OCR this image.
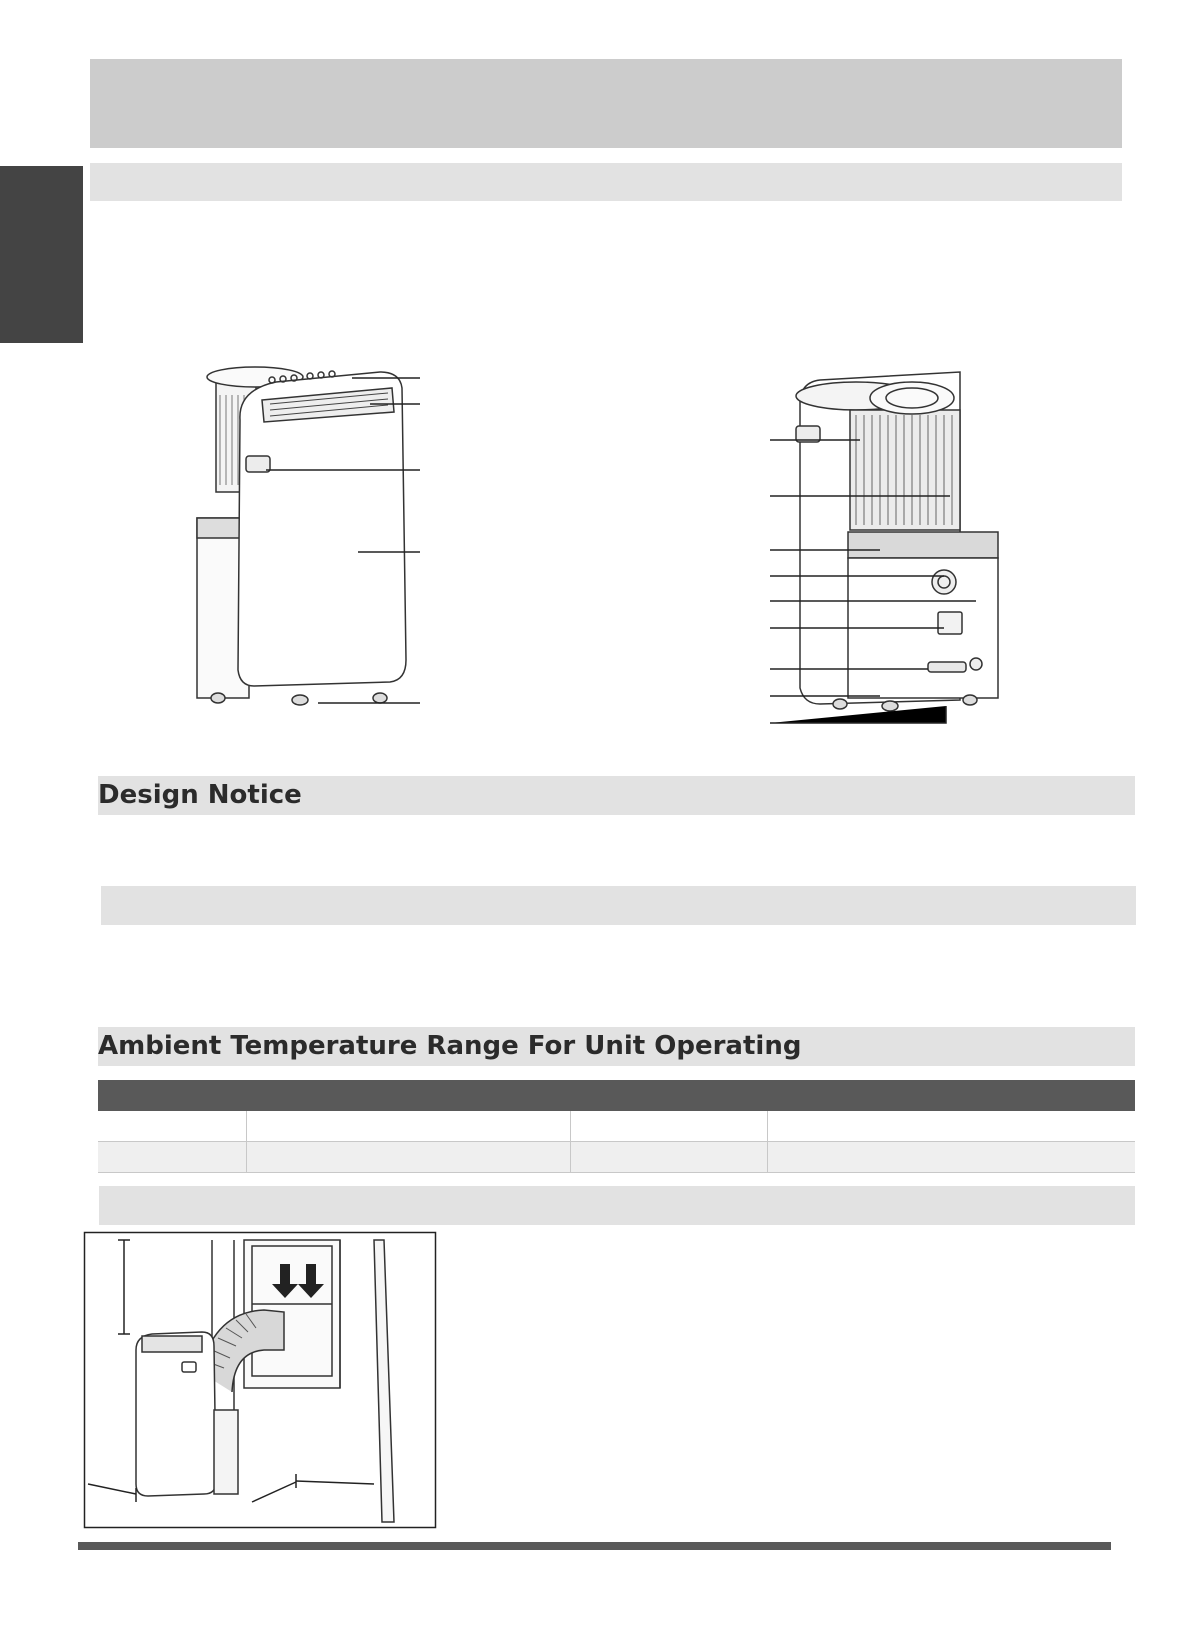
Design Notice
Ambient Temperature Range For Unit Operating
